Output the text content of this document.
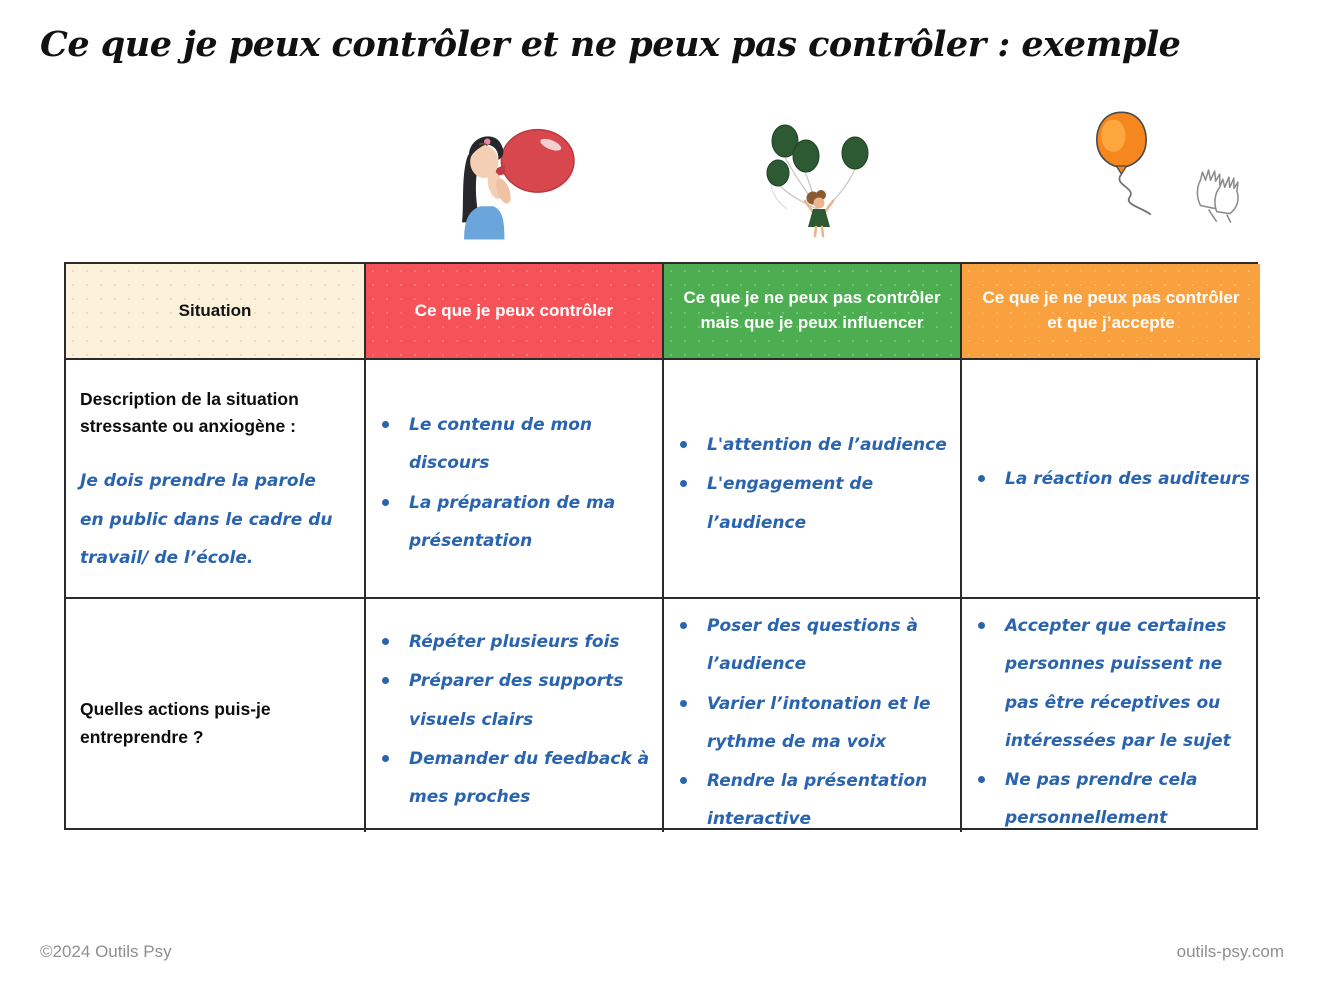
Ce que je peux contrôler et ne peux pas contrôler : exemple
Situation	Ce que je peux contrôler
Ce que je ne peux pas contrôler mais que je peux influencer
Ce que je ne peux pas contrôler et que j’accepte
Description de la situation stressante ou anxiogène :
Je dois prendre la parole en public dans le cadre du travail/ de l’école.
Le contenu de mon discours
La préparation de ma présentation
L'attention de l’audience
L'engagement de l’audience
La réaction des auditeurs
Quelles actions puis-je entreprendre ?
Répéter plusieurs fois
Préparer des supports visuels clairs
Demander du feedback à mes proches
Poser des questions à l’audience
Varier l’intonation et le rythme de ma voix
Rendre la présentation interactive
Accepter que certaines personnes puissent ne pas être réceptives ou intéressées par le sujet
Ne pas prendre cela personnellement
©2024 Outils Psy	outils-psy.com
